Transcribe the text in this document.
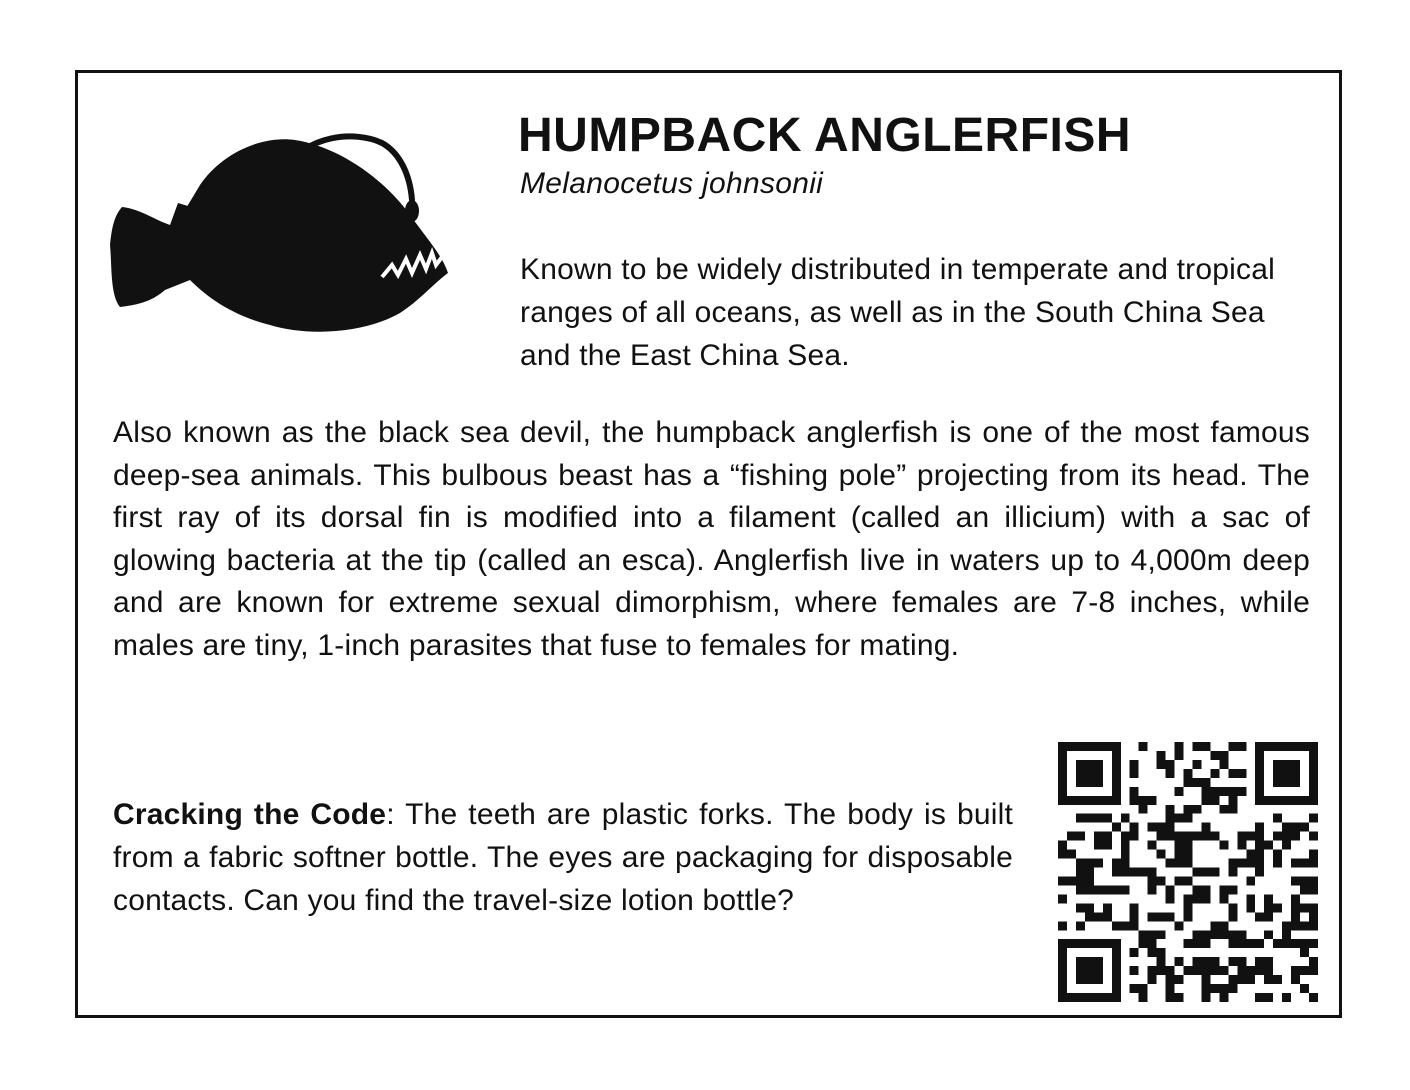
HUMPBACK ANGLERFISH
Melanocetus johnsonii

Known to be widely distributed in temperate and tropical ranges of all oceans, as well as in the South China Sea and the East China Sea.

Also known as the black sea devil, the humpback anglerfish is one of the most famous deep-sea animals. This bulbous beast has a “fishing pole” projecting from its head. The first ray of its dorsal fin is modified into a filament (called an illicium) with a sac of glowing bacteria at the tip (called an esca). Anglerfish live in waters up to 4,000m deep and are known for extreme sexual dimorphism, where females are 7-8 inches, while males are tiny, 1-inch parasites that fuse to females for mating.

Cracking the Code: The teeth are plastic forks. The body is built from a fabric softner bottle. The eyes are packaging for disposable contacts. Can you find the travel-size lotion bottle?
